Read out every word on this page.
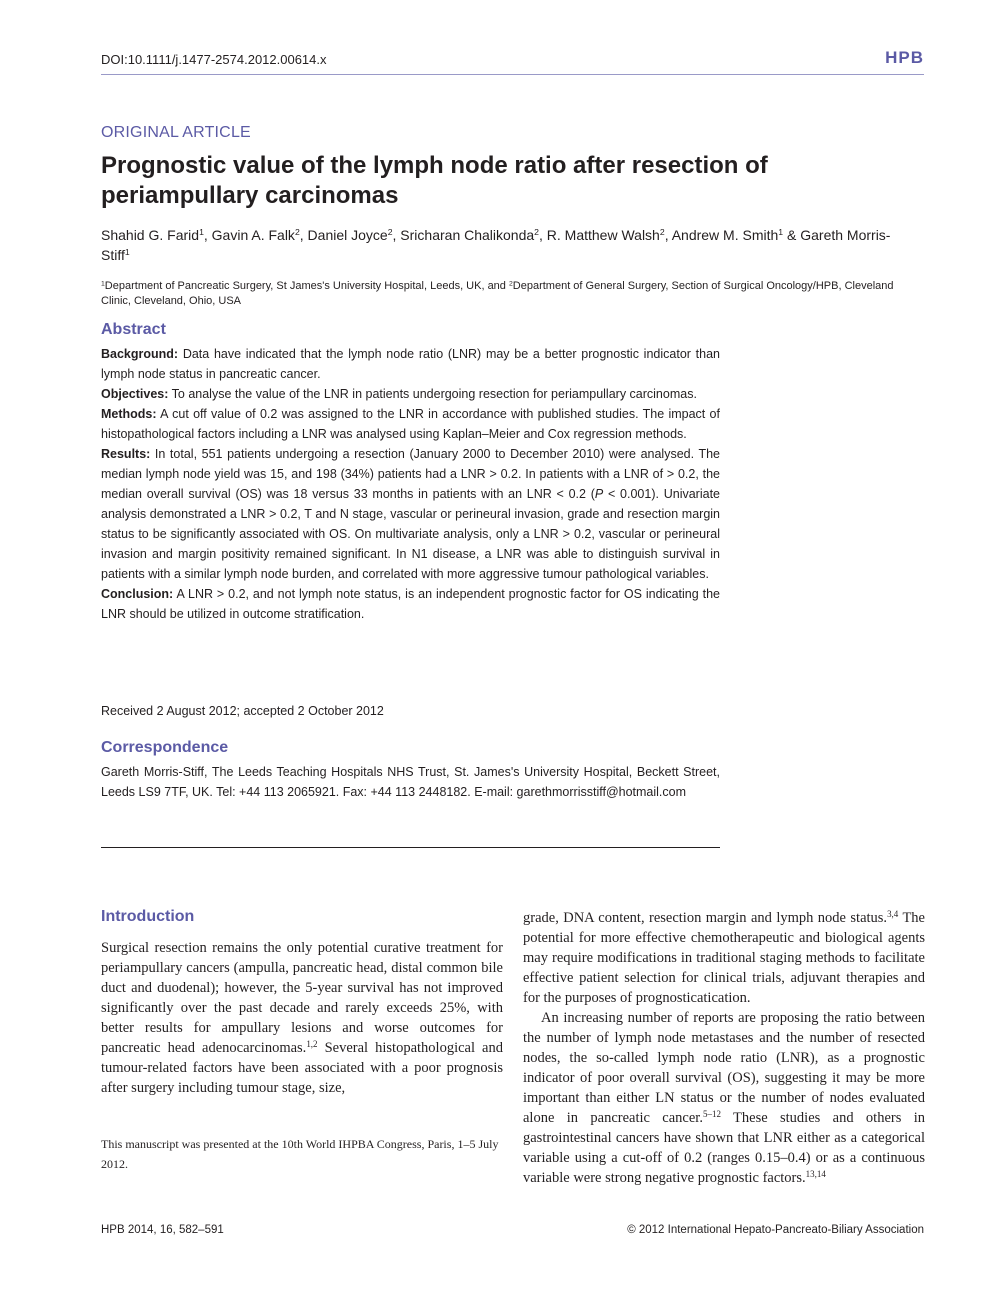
DOI:10.1111/j.1477-2574.2012.00614.x	HPB
ORIGINAL ARTICLE
Prognostic value of the lymph node ratio after resection of periampullary carcinomas
Shahid G. Farid$^1$, Gavin A. Falk$^2$, Daniel Joyce$^2$, Sricharan Chalikonda$^2$, R. Matthew Walsh$^2$, Andrew M. Smith$^1$ & Gareth Morris-Stiff$^1$
$^1$Department of Pancreatic Surgery, St James's University Hospital, Leeds, UK, and $^2$Department of General Surgery, Section of Surgical Oncology/HPB, Cleveland Clinic, Cleveland, Ohio, USA
Abstract

Background: Data have indicated that the lymph node ratio (LNR) may be a better prognostic indicator than lymph node status in pancreatic cancer.

Objectives: To analyse the value of the LNR in patients undergoing resection for periampullary carcinomas.

Methods: A cut off value of 0.2 was assigned to the LNR in accordance with published studies. The impact of histopathological factors including a LNR was analysed using Kaplan–Meier and Cox regression methods.

Results: In total, 551 patients undergoing a resection (January 2000 to December 2010) were analysed. The median lymph node yield was 15, and 198 (34%) patients had a LNR > 0.2. In patients with a LNR of > 0.2, the median overall survival (OS) was 18 versus 33 months in patients with an LNR < 0.2 (P < 0.001). Univariate analysis demonstrated a LNR > 0.2, T and N stage, vascular or perineural invasion, grade and resection margin status to be significantly associated with OS. On multivariate analysis, only a LNR > 0.2, vascular or perineural invasion and margin positivity remained significant. In N1 disease, a LNR was able to distinguish survival in patients with a similar lymph node burden, and correlated with more aggressive tumour pathological variables.

Conclusion: A LNR > 0.2, and not lymph note status, is an independent prognostic factor for OS indicating the LNR should be utilized in outcome stratification.

Received 2 August 2012; accepted 2 October 2012
Correspondence
Gareth Morris-Stiff, The Leeds Teaching Hospitals NHS Trust, St. James's University Hospital, Beckett Street, Leeds LS9 7TF, UK. Tel: +44 113 2065921. Fax: +44 113 2448182. E-mail: garethmorrisstiff@hotmail.com
Introduction

Surgical resection remains the only potential curative treatment for periampullary cancers (ampulla, pancreatic head, distal common bile duct and duodenal); however, the 5-year survival has not improved significantly over the past decade and rarely exceeds 25%, with better results for ampullary lesions and worse outcomes for pancreatic head adenocarcinomas.$^{1,2}$ Several histopathological and tumour-related factors have been associated with a poor prognosis after surgery including tumour stage, size,

This manuscript was presented at the 10th World IHPBA Congress, Paris, 1–5 July 2012.

grade, DNA content, resection margin and lymph node status.$^{3,4}$ The potential for more effective chemotherapeutic and biological agents may require modifications in traditional staging methods to facilitate effective patient selection for clinical trials, adjuvant therapies and for the purposes of prognosticatication.

An increasing number of reports are proposing the ratio between the number of lymph node metastases and the number of resected nodes, the so-called lymph node ratio (LNR), as a prognostic indicator of poor overall survival (OS), suggesting it may be more important than either LN status or the number of nodes evaluated alone in pancreatic cancer.$^{5-12}$ These studies and others in gastrointestinal cancers have shown that LNR either as a categorical variable using a cut-off of 0.2 (ranges 0.15–0.4) or as a continuous variable were strong negative prognostic factors.$^{13,14}$

HPB 2014, 16, 582–591	© 2012 International Hepato-Pancreato-Biliary Association
